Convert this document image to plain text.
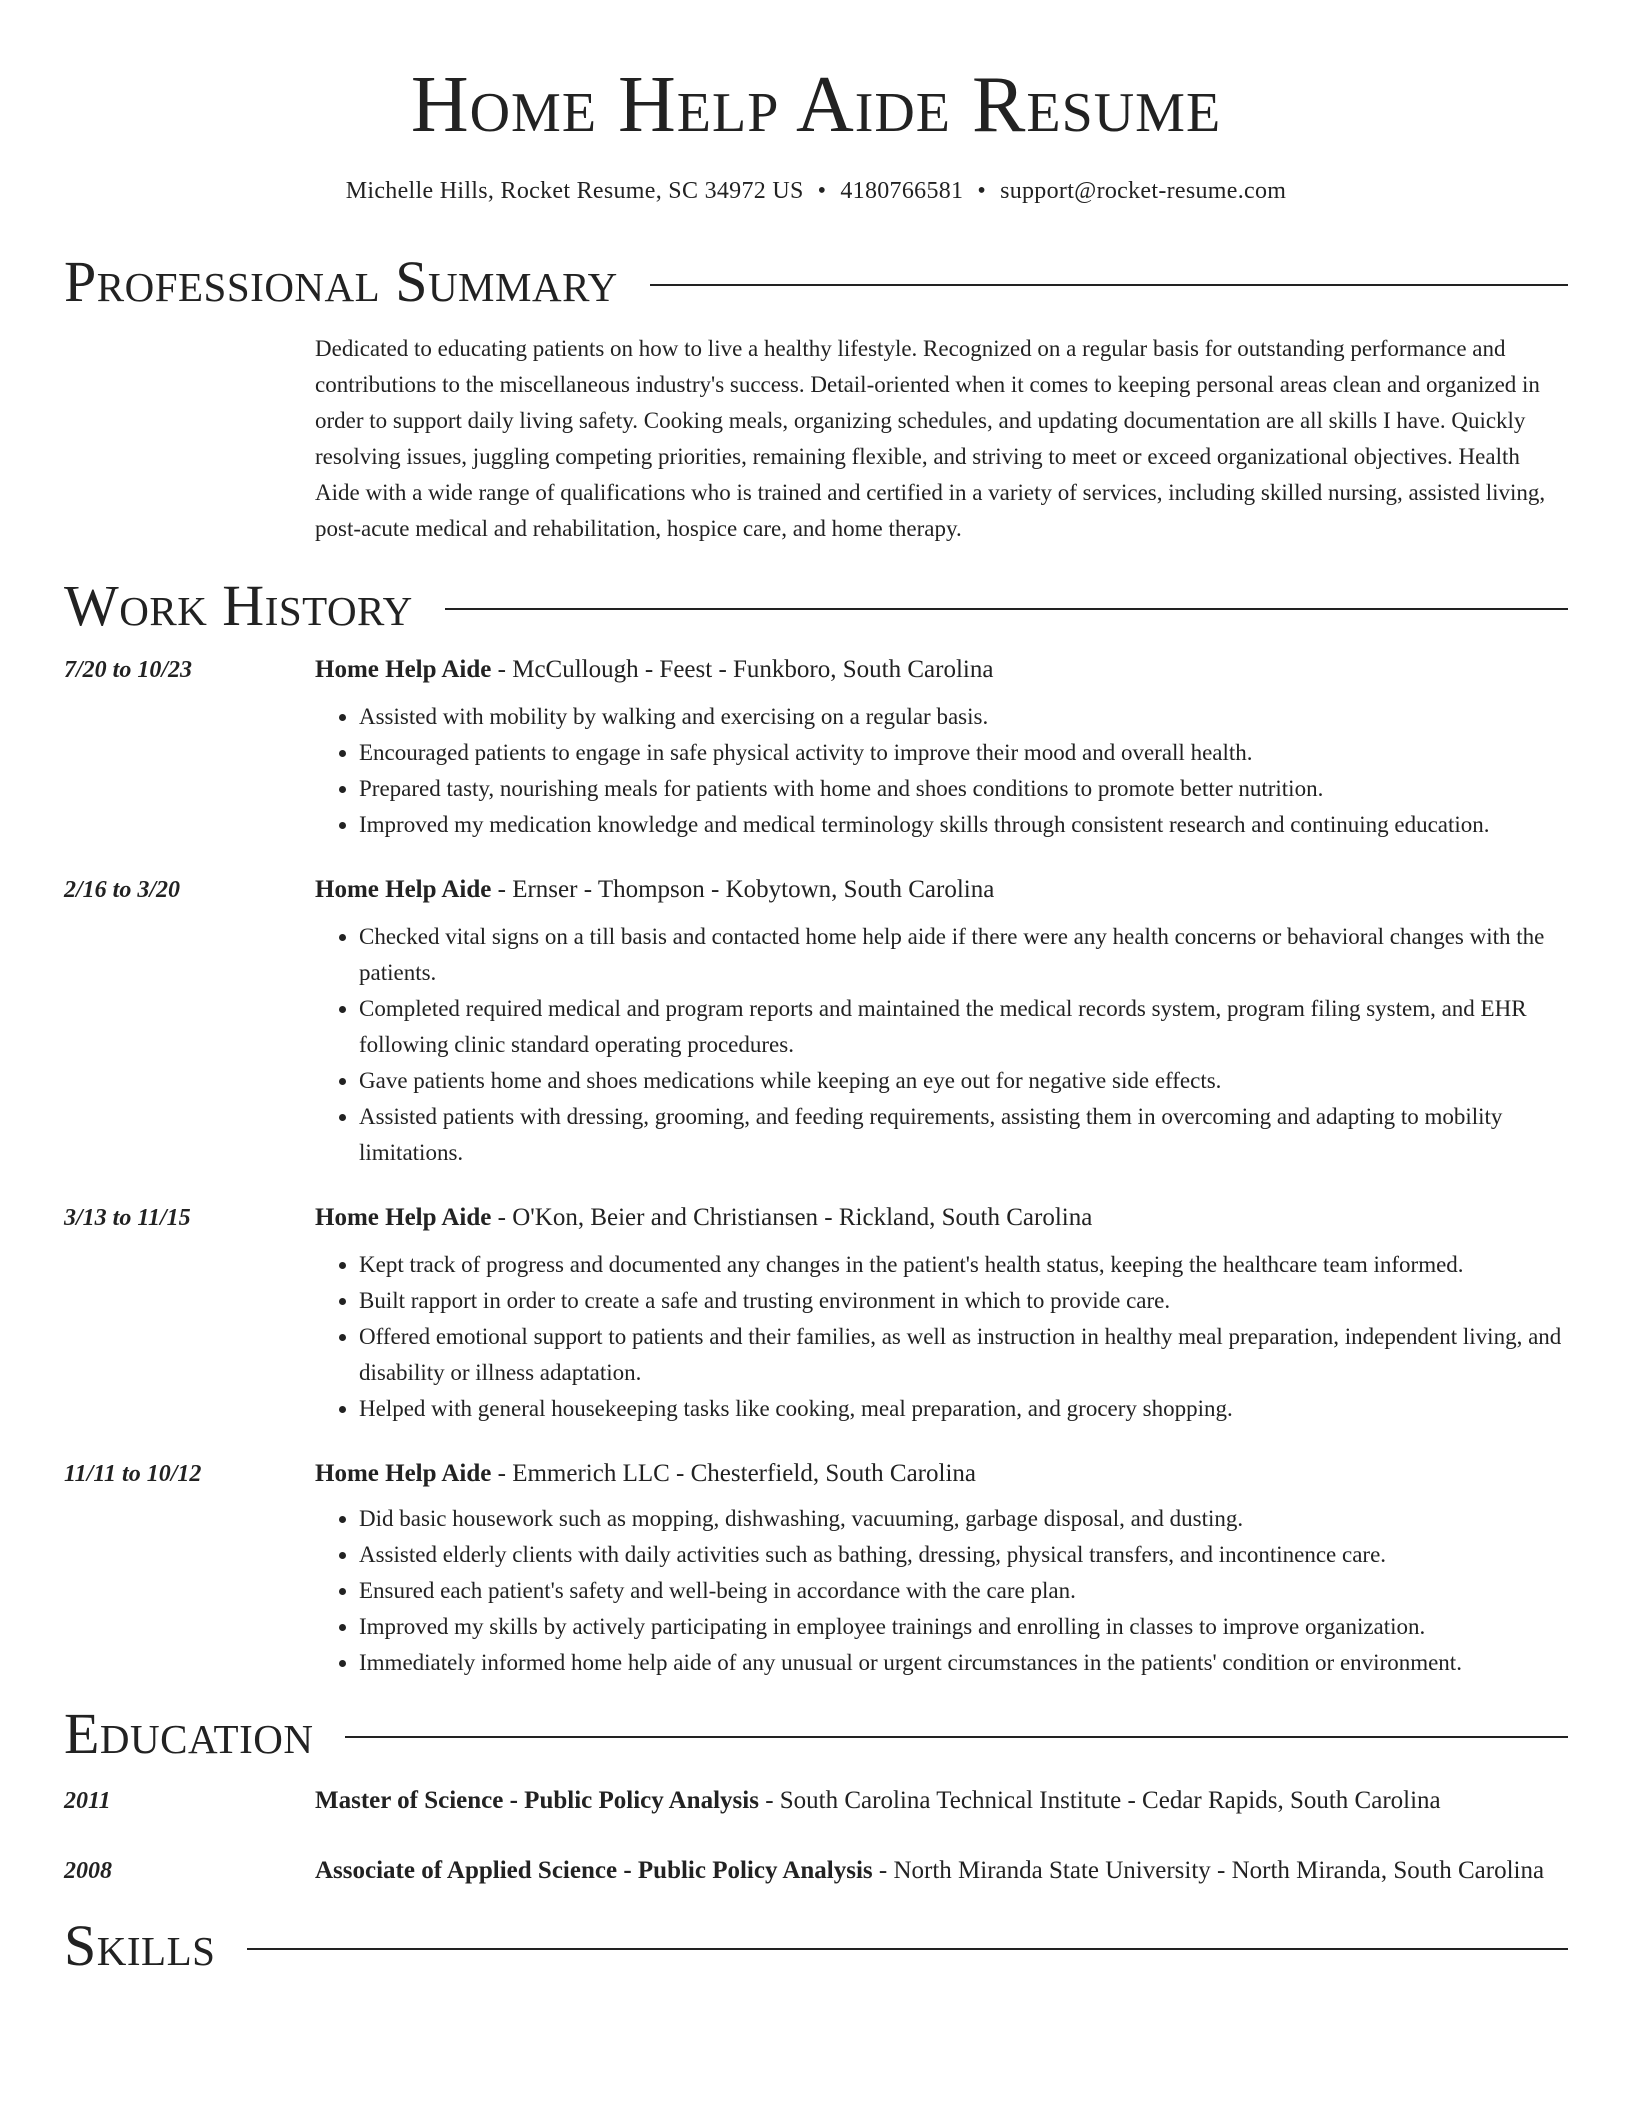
Home Help Aide Resume
Michelle Hills, Rocket Resume, SC 34972 US • 4180766581 • support@rocket-resume.com
Professional Summary
Dedicated to educating patients on how to live a healthy lifestyle. Recognized on a regular basis for outstanding performance and contributions to the miscellaneous industry's success. Detail-oriented when it comes to keeping personal areas clean and organized in order to support daily living safety. Cooking meals, organizing schedules, and updating documentation are all skills I have. Quickly resolving issues, juggling competing priorities, remaining flexible, and striving to meet or exceed organizational objectives. Health Aide with a wide range of qualifications who is trained and certified in a variety of services, including skilled nursing, assisted living, post-acute medical and rehabilitation, hospice care, and home therapy.
Work History
7/20 to 10/23	Home Help Aide - McCullough - Feest - Funkboro, South Carolina
• Assisted with mobility by walking and exercising on a regular basis.
• Encouraged patients to engage in safe physical activity to improve their mood and overall health.
• Prepared tasty, nourishing meals for patients with home and shoes conditions to promote better nutrition.
• Improved my medication knowledge and medical terminology skills through consistent research and continuing education.
2/16 to 3/20	Home Help Aide - Ernser - Thompson - Kobytown, South Carolina
• Checked vital signs on a till basis and contacted home help aide if there were any health concerns or behavioral changes with the patients.
• Completed required medical and program reports and maintained the medical records system, program filing system, and EHR following clinic standard operating procedures.
• Gave patients home and shoes medications while keeping an eye out for negative side effects.
• Assisted patients with dressing, grooming, and feeding requirements, assisting them in overcoming and adapting to mobility limitations.
3/13 to 11/15	Home Help Aide - O'Kon, Beier and Christiansen - Rickland, South Carolina
• Kept track of progress and documented any changes in the patient's health status, keeping the healthcare team informed.
• Built rapport in order to create a safe and trusting environment in which to provide care.
• Offered emotional support to patients and their families, as well as instruction in healthy meal preparation, independent living, and disability or illness adaptation.
• Helped with general housekeeping tasks like cooking, meal preparation, and grocery shopping.
11/11 to 10/12	Home Help Aide - Emmerich LLC - Chesterfield, South Carolina
• Did basic housework such as mopping, dishwashing, vacuuming, garbage disposal, and dusting.
• Assisted elderly clients with daily activities such as bathing, dressing, physical transfers, and incontinence care.
• Ensured each patient's safety and well-being in accordance with the care plan.
• Improved my skills by actively participating in employee trainings and enrolling in classes to improve organization.
• Immediately informed home help aide of any unusual or urgent circumstances in the patients' condition or environment.
Education
2011	Master of Science - Public Policy Analysis - South Carolina Technical Institute - Cedar Rapids, South Carolina
2008	Associate of Applied Science - Public Policy Analysis - North Miranda State University - North Miranda, South Carolina
Skills
